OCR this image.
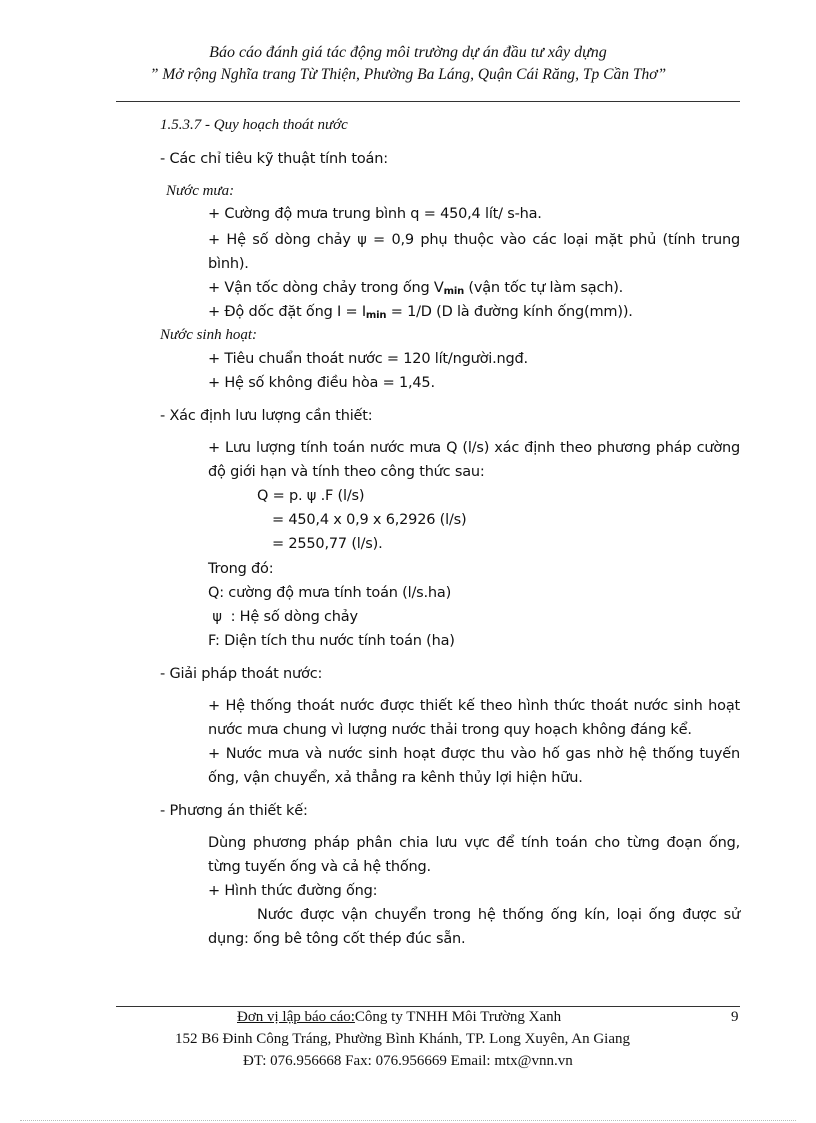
Báo cáo đánh giá tác động môi trường dự án đầu tư xây dựng
” Mở rộng Nghĩa trang Từ Thiện, Phường Ba Láng, Quận Cái Răng, Tp Cần Thơ”
1.5.3.7 - Quy hoạch thoát nước
- Các chỉ tiêu kỹ thuật tính toán:
Nước mưa:
+ Cường độ mưa trung bình q = 450,4 lít/ s-ha.
+ Hệ số dòng chảy ψ = 0,9 phụ thuộc vào các loại mặt phủ (tính trung
bình).
+ Vận tốc dòng chảy trong ống $V_{min}$ (vận tốc tự làm sạch).
+ Độ dốc đặt ống $I = I_{min} = 1/D$ (D là đường kính ống(mm)).
Nước sinh hoạt:
+ Tiêu chuẩn thoát nước = 120 lít/người.ngđ.
+ Hệ số không điều hòa = 1,45.
- Xác định lưu lượng cần thiết:
+ Lưu lượng tính toán nước mưa Q (l/s) xác định theo phương pháp cường
độ giới hạn và tính theo công thức sau:
Q = p. ψ .F (l/s)
= 450,4 x 0,9 x 6,2926 (l/s)
= 2550,77 (l/s).
Trong đó:
Q: cường độ mưa tính toán (l/s.ha)
ψ  : Hệ số dòng chảy
F: Diện tích thu nước tính toán (ha)
- Giải pháp thoát nước:
+ Hệ thống thoát nước được thiết kế theo hình thức thoát nước sinh hoạt
nước mưa chung vì lượng nước thải trong quy hoạch không đáng kể.
+ Nước mưa và nước sinh hoạt được thu vào hố gas nhờ hệ thống tuyến
ống, vận chuyển, xả thẳng ra kênh thủy lợi hiện hữu.
- Phương án thiết kế:
Dùng phương pháp phân chia lưu vực để tính toán cho từng đoạn ống,
từng tuyến ống và cả hệ thống.
+ Hình thức đường ống:
Nước được vận chuyển trong hệ thống ống kín, loại ống được sử
dụng: ống bê tông cốt thép đúc sẵn.
Đơn vị lập báo cáo:Công ty TNHH Môi Trường Xanh	9
152 B6 Đinh Công Tráng, Phường Bình Khánh, TP. Long Xuyên, An Giang
ĐT: 076.956668 Fax: 076.956669 Email: mtx@vnn.vn
